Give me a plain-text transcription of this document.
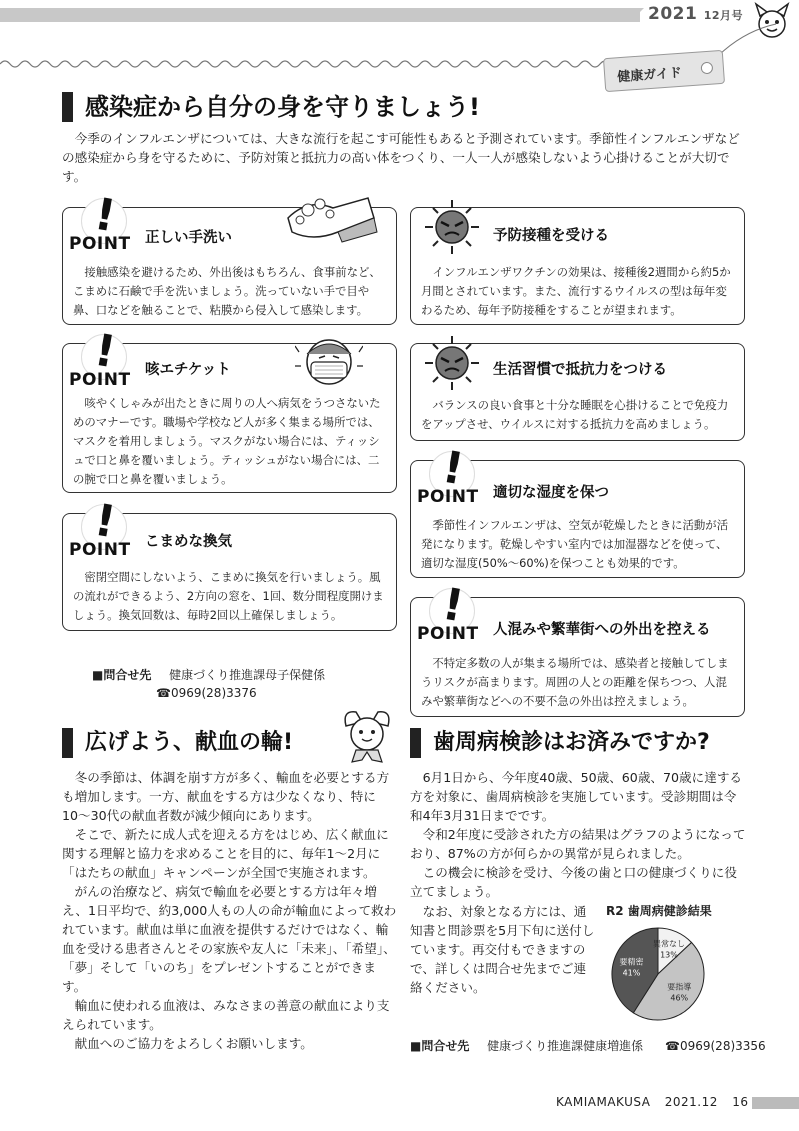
2021 12月号
健康ガイド
感染症から自分の身を守りましょう!
今季のインフルエンザについては、大きな流行を起こす可能性もあると予測されています。季節性インフルエンザなどの感染症から身を守るために、予防対策と抵抗力の高い体をつくり、一人一人が感染しないよう心掛けることが大切です。
!
POINT 正しい手洗い
接触感染を避けるため、外出後はもちろん、食事前など、こまめに石鹸で手を洗いましょう。洗っていない手で目や鼻、口などを触ることで、粘膜から侵入して感染します。
!
POINT 咳エチケット
咳やくしゃみが出たときに周りの人へ病気をうつさないためのマナーです。職場や学校など人が多く集まる場所では、マスクを着用しましょう。マスクがない場合には、ティッシュで口と鼻を覆いましょう。ティッシュがない場合には、二の腕で口と鼻を覆いましょう。
!
POINT こまめな換気
密閉空間にしないよう、こまめに換気を行いましょう。風の流れができるよう、2方向の窓を、1回、数分間程度開けましょう。換気回数は、毎時2回以上確保しましょう。
■問合せ先 健康づくり推進課母子保健係
☎0969(28)3376
予防接種を受ける
インフルエンザワクチンの効果は、接種後2週間から約5か月間とされています。また、流行するウイルスの型は毎年変わるため、毎年予防接種をすることが望まれます。
生活習慣で抵抗力をつける
バランスの良い食事と十分な睡眠を心掛けることで免疫力をアップさせ、ウイルスに対する抵抗力を高めましょう。
!
POINT 適切な湿度を保つ
季節性インフルエンザは、空気が乾燥したときに活動が活発になります。乾燥しやすい室内では加湿器などを使って、適切な湿度(50%〜60%)を保つことも効果的です。
!
POINT 人混みや繁華街への外出を控える
不特定多数の人が集まる場所では、感染者と接触してしまうリスクが高まります。周囲の人との距離を保ちつつ、人混みや繁華街などへの不要不急の外出は控えましょう。
広げよう、献血の輪!

冬の季節は、体調を崩す方が多く、輸血を必要とする方も増加します。一方、献血をする方は少なくなり、特に10〜30代の献血者数が減少傾向にあります。

そこで、新たに成人式を迎える方をはじめ、広く献血に関する理解と協力を求めることを目的に、毎年1〜2月に「はたちの献血」キャンペーンが全国で実施されます。

がんの治療など、病気で輸血を必要とする方は年々増え、1日平均で、約3,000人もの人の命が輸血によって救われています。献血は単に血液を提供するだけではなく、輸血を受ける患者さんとその家族や友人に「未来」、「希望」、「夢」そして「いのち」をプレゼントすることができます。

輸血に使われる血液は、みなさまの善意の献血により支えられています。

献血へのご協力をよろしくお願いします。

歯周病検診はお済みですか?

6月1日から、今年度40歳、50歳、60歳、70歳に達する方を対象に、歯周病検診を実施しています。受診期間は令和4年3月31日までです。

令和2年度に受診された方の結果はグラフのようになっており、87%の方が何らかの異常が見られました。

この機会に検診を受け、今後の歯と口の健康づくりに役立てましょう。

なお、対象となる方には、通知書と問診票を5月下旬に送付しています。再交付もできますので、詳しくは問合せ先までご連絡ください。

R2 歯周病健診結果
異常なし
13%
要指導
46%
要精密
41%
■問合せ先 健康づくり推進課健康増進係 ☎0969(28)3356
KAMIAMAKUSA 2021.12 16
